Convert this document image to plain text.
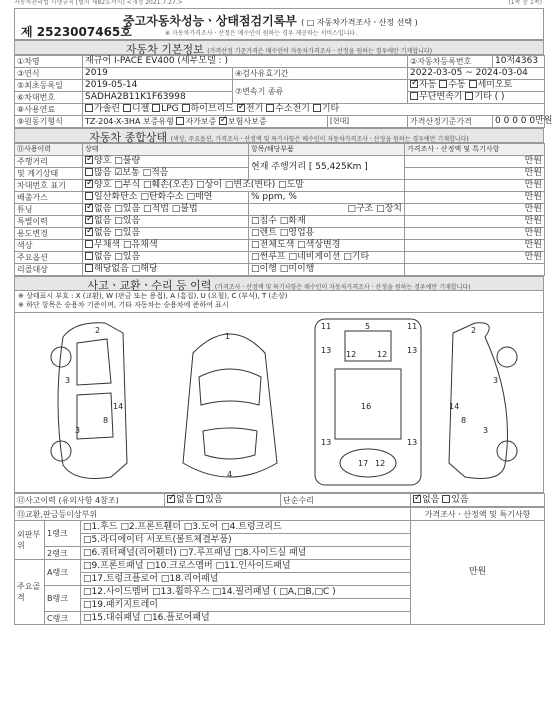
자동차관리법 시행규칙 [별지 제82호서식] <개정 2021.7.27.>	(1쪽 중 1쪽)
제 2523007465호
중고자동차성능ㆍ상태점검기록부 ( □ 자동차가격조사ㆍ산정 선택 )
※ 자동차가격조사ㆍ산정은 매수인이 원하는 경우 제공하는 서비스입니다.
자동차 기본정보 (가격산정 기준가격은 매수인이 자동차가격조사ㆍ산정을 원하는 경우에만 기재합니다)
①차명	재규어 I-PACE EV400 (세부모델 : )			②자동차등록번호	10저4363
③연식	2019	④검사유효기간		2022-03-05 ~ 2024-03-04	
⑤최초등록일	2019-05-14	⑦변속기 종류	✓자동 수동 세미오토
⑥차대번호	SADHA2B11K1F63998			무단변속기 기타 ( )	
⑧사용연료	가솔린 디젤 LPG 하이브리드 ✓ 전기 수소전기 기타
⑨원동기형식	TZ-204-X-3HA 보증유형 자가보증 ✓ 보험사보증		[현대]	가격산정기준가격	0 0 0 0 0만원
자동차 종합상태 (색상, 주요옵션, 가격조사ㆍ산정액 및 특기사항은 매수인이 자동차가격조사ㆍ산정을 원하는 경우에만 기재합니다)
⑪사용이력	상태	항목/해당부품	가격조사ㆍ산정액 및 특기사항
주행거리	✓양호 □불량	현재 주행거리 [ 55,425Km ]	만원
및 계기상태	많음 ☑보통 □적음		만원
차대번호 표기	✓양호 □부식 □훼손(오손) □상이 □변조(변타) □도말		만원
배출가스	일산화탄소 □탄화수소 □매연	% ppm, %	만원
튜닝	✓없음 □있음 □적법 □불법	□구조 □장치	만원
특별이력	✓없음 □있음	□침수 □화재	만원
용도변경	✓없음 □있음	□렌트 □영업용	만원
색상	무채색 □유채색	□전체도색 □색상변경	만원
주요옵션	없음 □있음	□썬루프 □네비게이션 □기타	만원
리콜대상	해당없음 □해당	□이행 □미이행	
사고ㆍ교환ㆍ수리 등 이력 (가격조사ㆍ산정액 및 특기사항은 매수인이 자동차가격조사ㆍ산정을 원하는 경우에만 기재합니다)
※ 상태표시 부호 : X (교환), W (판금 또는 용접), A (흠집), U (요철), C (부식), T (손상)
※ 하단 항목은 승용차 기준이며, 기타 자동차는 승용차에 준하여 표시
2
3
8
3
14
1
4
5
11	11
12	12
13	13
16
13	13
17 12
2
3
8
3
14
⑫사고이력 (유의사항 4참조)	✓없음 있음	단순수리	✓없음 있음
⑬교환,판금등이상부위			가격조사ㆍ산정액 및 특기사항
외판부위	1랭크	□1.후드 □2.프론트휀더 □3.도어 □4.트렁크리드	만원
		□5.라디에이터 서포트(볼트체결부품)	
	2랭크	□6.쿼터패널(리어휀더) □7.루프패널 □8.사이드실 패널	
주요골격	A랭크	□9.프론트패널 □10.크로스멤버 □11.인사이드패널	
		□17.트렁크플로어 □18.리어패널	
	B랭크	□12.사이드멤버 □13.휠하우스 □14.필러패널 ( □A,□B,□C )	
		□19.패키지트레이	
	C랭크	□15.대쉬패널 □16.플로어패널	
